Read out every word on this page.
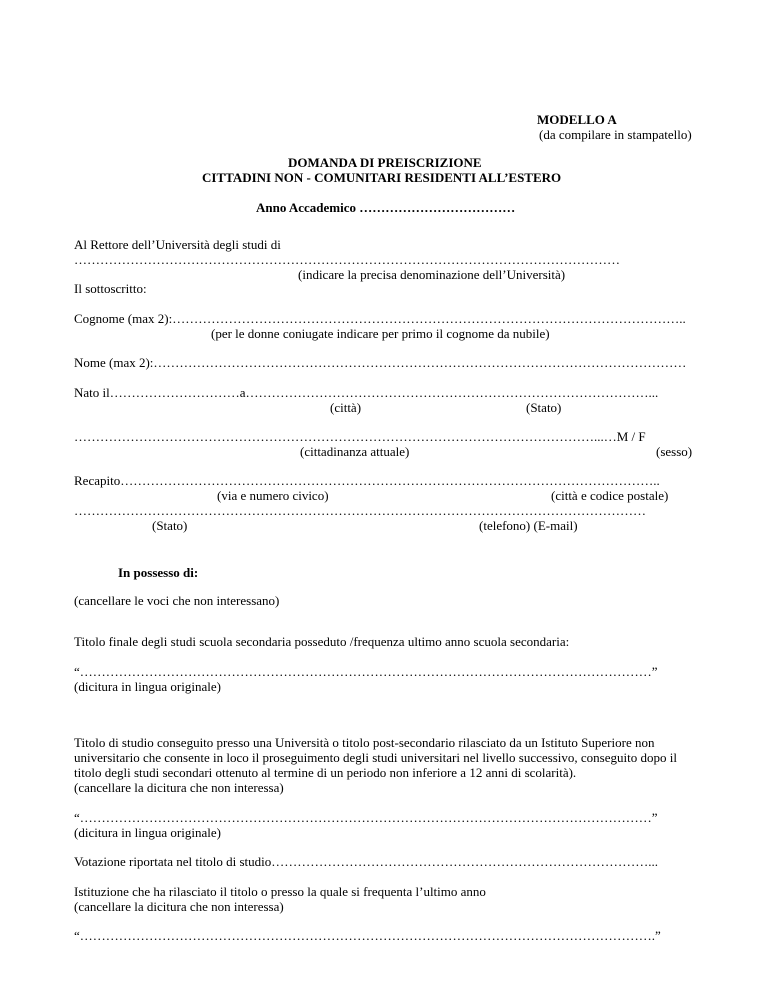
MODELLO A
(da compilare in stampatello)
DOMANDA DI PREISCRIZIONE
CITTADINI NON - COMUNITARI RESIDENTI ALL’ESTERO
Anno Accademico ………………………………
Al Rettore dell’Università degli studi di
………………………………………………………………………………………………………………
(indicare la precisa denominazione dell’Università)
Il sottoscritto:
Cognome (max 2):………………………………………………………………………………………………………..
(per le donne coniugate indicare per primo il cognome da nubile)
Nome (max 2):……………………………………………………………………………………………………………
Nato il…………………………a…………………………………………………………………………………...
(città)	(Stato)
…………………………………………………………………………………………………………...…M / F
(cittadinanza attuale)	(sesso)
Recapito……………………………………………………………………………………………………………..
(via e numero civico)	(città e codice postale)
……………………………………………………………………………………………………………………
(Stato)	(telefono) (E-mail)
In possesso di:
(cancellare le voci che non interessano)
Titolo finale degli studi scuola secondaria posseduto /frequenza ultimo anno scuola secondaria:
“……………………………………………………………………………………………………………………”
(dicitura in lingua originale)
Titolo di studio conseguito presso una Università o titolo post-secondario rilasciato da un Istituto Superiore non universitario che consente in loco il proseguimento degli studi universitari nel livello successivo, conseguito dopo il titolo degli studi secondari ottenuto al termine di un periodo non inferiore a 12 anni di scolarità).
(cancellare la dicitura che non interessa)
“……………………………………………………………………………………………………………………”
(dicitura in lingua originale)
Votazione riportata nel titolo di studio……………………………………………………………………………...
Istituzione che ha rilasciato il titolo o presso la quale si frequenta l’ultimo anno
(cancellare la dicitura che non interessa)
“…………………………………………………………………………………………………………………….”
